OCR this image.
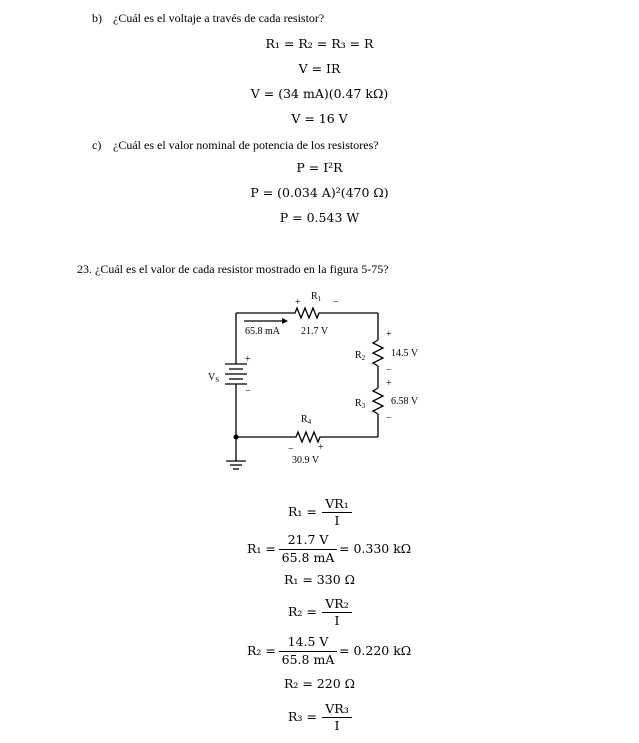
b) ¿Cuál es el voltaje a través de cada resistor?
R₁ = R₂ = R₃ = R
V = IR
V = (34 mA)(0.47 kΩ)
V = 16 V
c) ¿Cuál es el valor nominal de potencia de los resistores?
P = I²R
P = (0.034 A)²(470 Ω)
P = 0.543 W
23. ¿Cuál es el valor de cada resistor mostrado en la figura 5-75?
$R_1$
+	−
65.8 mA 21.7 V	+
$R_2$	14.5 V
−
+
$R_3$	6.58 V
−
$R_4$
− +
30.9 V
+
$V_S$
−
R₁ =
VR₁
I
R₁ =
21.7 V
65.8 mA
= 0.330 kΩ
R₁ = 330 Ω
R₂ =
VR₂
I
R₂ =
14.5 V
65.8 mA
= 0.220 kΩ
R₂ = 220 Ω
R₃ =
VR₃
I
